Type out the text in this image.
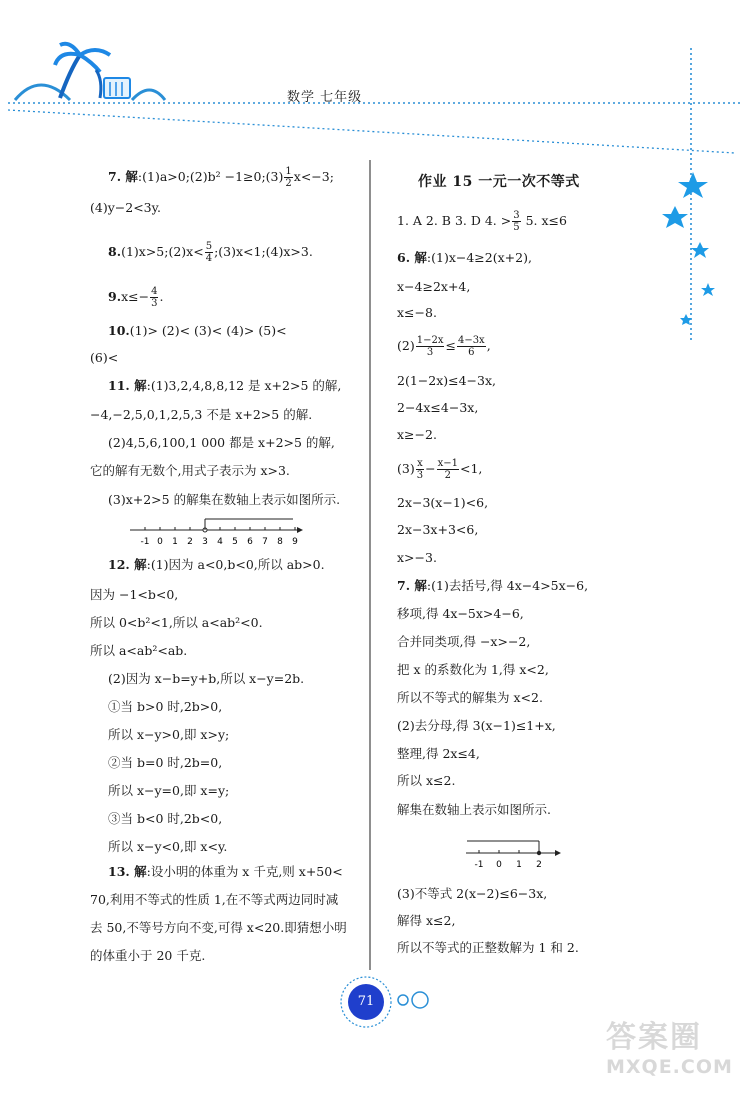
数学 七年级
7. 解:(1)a>0;(2)b² −1≥0;(3) $\frac{1}{2} x<-3$;
(4)y−2<3y.
8.(1)x>5;(2)x< $\frac{5}{4}$ ;(3)x<1;(4)x>3.
$9.x\le- \frac{4}{3}$ .
10.(1)> (2)< (3)< (4)> (5)<
(6)<
11. 解:(1)3,2,4,8,8,12 是 x+2>5 的解,
−4,−2,5,0,1,2,5,3 不是 x+2>5 的解.
(2)4,5,6,100,1 000 都是 x+2>5 的解,
它的解有无数个,用式子表示为 x>3.
(3)x+2>5 的解集在数轴上表示如图所示.
12. 解:(1)因为 a<0,b<0,所以 ab>0.
因为 −1<b<0,
所以 0<b²<1,所以 a<ab²<0.
所以 a<ab²<ab.
(2)因为 x−b=y+b,所以 x−y=2b.
①当 b>0 时,2b>0,
所以 x−y>0,即 x>y;
②当 b=0 时,2b=0,
所以 x−y=0,即 x=y;
③当 b<0 时,2b<0,
所以 x−y<0,即 x<y.
13. 解:设小明的体重为 x 千克,则 x+50<
70,利用不等式的性质 1,在不等式两边同时减
去 50,不等号方向不变,可得 x<20.即猜想小明
的体重小于 20 千克.
-1 0 1 2 3 4 5 6 7 8 9
作业 15 一元一次不等式
1. A 2. B 3. D 4. > $\frac{3}{5} 5$. x≤6
6. 解:(1)x−4≥2(x+2),
x−4≥2x+4,
x≤−8.
$(2) \frac{1-2x}{3} \le \frac{4-3x}{6}$ ,
2(1−2x)≤4−3x,
2−4x≤4−3x,
x≥−2.
$(3) \frac{x}{3} - \frac{x-1}{2} <1$,
2x−3(x−1)<6,
2x−3x+3<6,
x>−3.
7. 解:(1)去括号,得 4x−4>5x−6,
移项,得 4x−5x>4−6,
合并同类项,得 −x>−2,
把 x 的系数化为 1,得 x<2,
所以不等式的解集为 x<2.
(2)去分母,得 3(x−1)≤1+x,
整理,得 2x≤4,
所以 x≤2.
解集在数轴上表示如图所示.
(3)不等式 2(x−2)≤6−3x,
解得 x≤2,
所以不等式的正整数解为 1 和 2.
-1 0 1 2
71
答案圈
MXQE.COM
